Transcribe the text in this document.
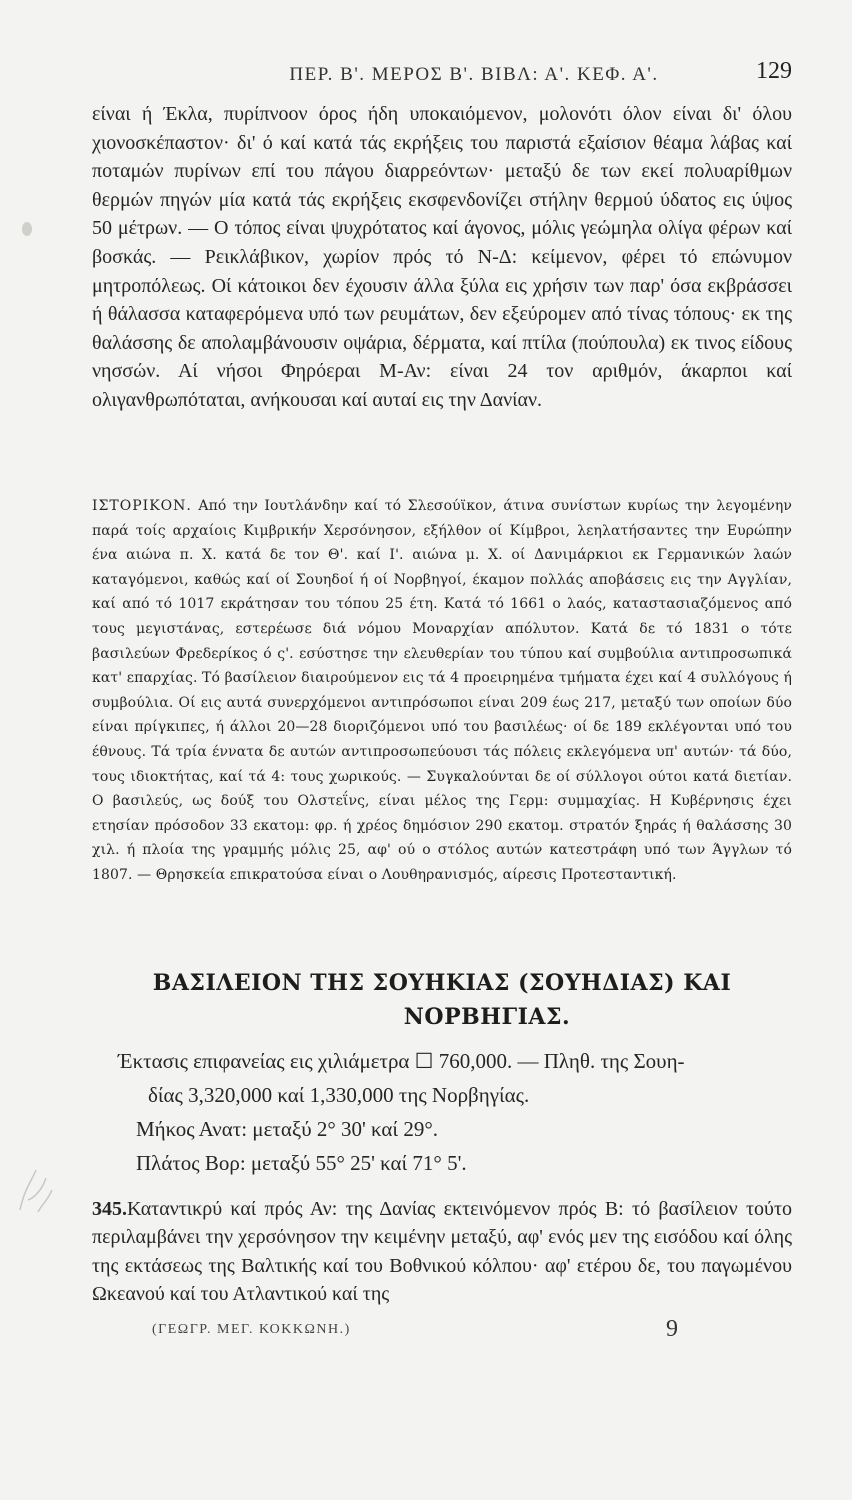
ΠΕΡ. Β'. ΜΕΡΟΣ Β'. ΒΙΒΛ: Α'. ΚΕΦ. Α'.	129

είναι ή Έκλα, πυρίπνοον όρος ήδη υποκαιόμενον, μολονότι όλον είναι δι' όλου χιονοσκέπαστον· δι' ό καί κατά τάς εκρήξεις του παριστά εξαίσιον θέαμα λάβας καί ποταμών πυρίνων επί του πάγου διαρρεόντων· μεταξύ δε των εκεί πολυαρίθμων θερμών πηγών μία κατά τάς εκρήξεις εκσφενδονίζει στήλην θερμού ύδατος εις ύψος 50 μέτρων. — Ο τόπος είναι ψυχρότατος καί άγονος, μόλις γεώμηλα ολίγα φέρων καί βοσκάς. — Ρεικλάβικον, χωρίον πρός τό Ν-Δ: κείμενον, φέρει τό επώνυμον μητροπόλεως. Οί κάτοικοι δεν έχουσιν άλλα ξύλα εις χρήσιν των παρ' όσα εκβράσσει ή θάλασσα καταφερόμενα υπό των ρευμάτων, δεν εξεύρομεν από τίνας τόπους· εκ της θαλάσσης δε απολαμβάνουσιν οψάρια, δέρματα, καί πτίλα (πούπουλα) εκ τινος είδους νησσών. Αί νήσοι Φηρόεραι Μ-Αν: είναι 24 τον αριθμόν, άκαρποι καί ολιγανθρωπόταται, ανήκουσαι καί αυταί εις την Δανίαν.

ΙΣΤΟΡΙΚΟΝ. Από την Ιουτλάνδην καί τό Σλεσούϊκον, άτινα συνίστων κυρίως την λεγομένην παρά τοίς αρχαίοις Κιμβρικήν Χερσόνησον, εξήλθον οί Κίμβροι, λεηλατήσαντες την Ευρώπην ένα αιώνα π. Χ. κατά δε τον Θ'. καί Ι'. αιώνα μ. Χ. οί Δανιμάρκιοι εκ Γερμανικών λαών καταγόμενοι, καθώς καί οί Σουηδοί ή οί Νορβηγοί, έκαμον πολλάς αποβάσεις εις την Αγγλίαν, καί από τό 1017 εκράτησαν του τόπου 25 έτη. Κατά τό 1661 ο λαός, καταστασιαζόμενος από τους μεγιστάνας, εστερέωσε διά νόμου Μοναρχίαν απόλυτον. Κατά δε τό 1831 ο τότε βασιλεύων Φρεδερίκος ό ς'. εσύστησε την ελευθερίαν του τύπου καί συμβούλια αντιπροσωπικά κατ' επαρχίας. Τό βασίλειον διαιρούμενον εις τά 4 προειρημένα τμήματα έχει καί 4 συλλόγους ή συμβούλια. Οί εις αυτά συνερχόμενοι αντιπρόσωποι είναι 209 έως 217, μεταξύ των οποίων δύο είναι πρίγκιπες, ή άλλοι 20—28 διοριζόμενοι υπό του βασιλέως· οί δε 189 εκλέγονται υπό του έθνους. Τά τρία έννατα δε αυτών αντιπροσωπεύουσι τάς πόλεις εκλεγόμενα υπ' αυτών· τά δύο, τους ιδιοκτήτας, καί τά 4: τους χωρικούς. — Συγκαλούνται δε οί σύλλογοι ούτοι κατά διετίαν. Ο βασιλεύς, ως δούξ του Ολστεΐνς, είναι μέλος της Γερμ: συμμαχίας. Η Κυβέρνησις έχει ετησίαν πρόσοδον 33 εκατομ: φρ. ή χρέος δημόσιον 290 εκατομ. στρατόν ξηράς ή θαλάσσης 30 χιλ. ή πλοία της γραμμής μόλις 25, αφ' ού ο στόλος αυτών κατεστράφη υπό των Άγγλων τό 1807. — Θρησκεία επικρατούσα είναι ο Λουθηρανισμός, αίρεσις Προτεσταντική.

ΒΑΣΙΛΕΙΟΝ ΤΗΣ ΣΟΥΗΚΙΑΣ (ΣΟΥΗΔΙΑΣ) ΚΑΙ
ΝΟΡΒΗΓΙΑΣ.
Έκτασις επιφανείας εις χιλιάμετρα ☐ 760,000. — Πληθ. της Σουη-
δίας 3,320,000 καί 1,330,000 της Νορβηγίας.
Μήκος Ανατ: μεταξύ 2° 30' καί 29°.
Πλάτος Βορ: μεταξύ 55° 25' καί 71° 5'.

345.Καταντικρύ καί πρός Αν: της Δανίας εκτεινόμενον πρός Β: τό βασίλειον τούτο περιλαμβάνει την χερσόνησον την κειμένην μεταξύ, αφ' ενός μεν της εισόδου καί όλης της εκτάσεως της Βαλτικής καί του Βοθνικού κόλπου· αφ' ετέρου δε, του παγωμένου Ωκεανού καί του Ατλαντικού καί της

(ΓΕΩΓΡ. ΜΕΓ. ΚΟΚΚΩΝΗ.)	9
